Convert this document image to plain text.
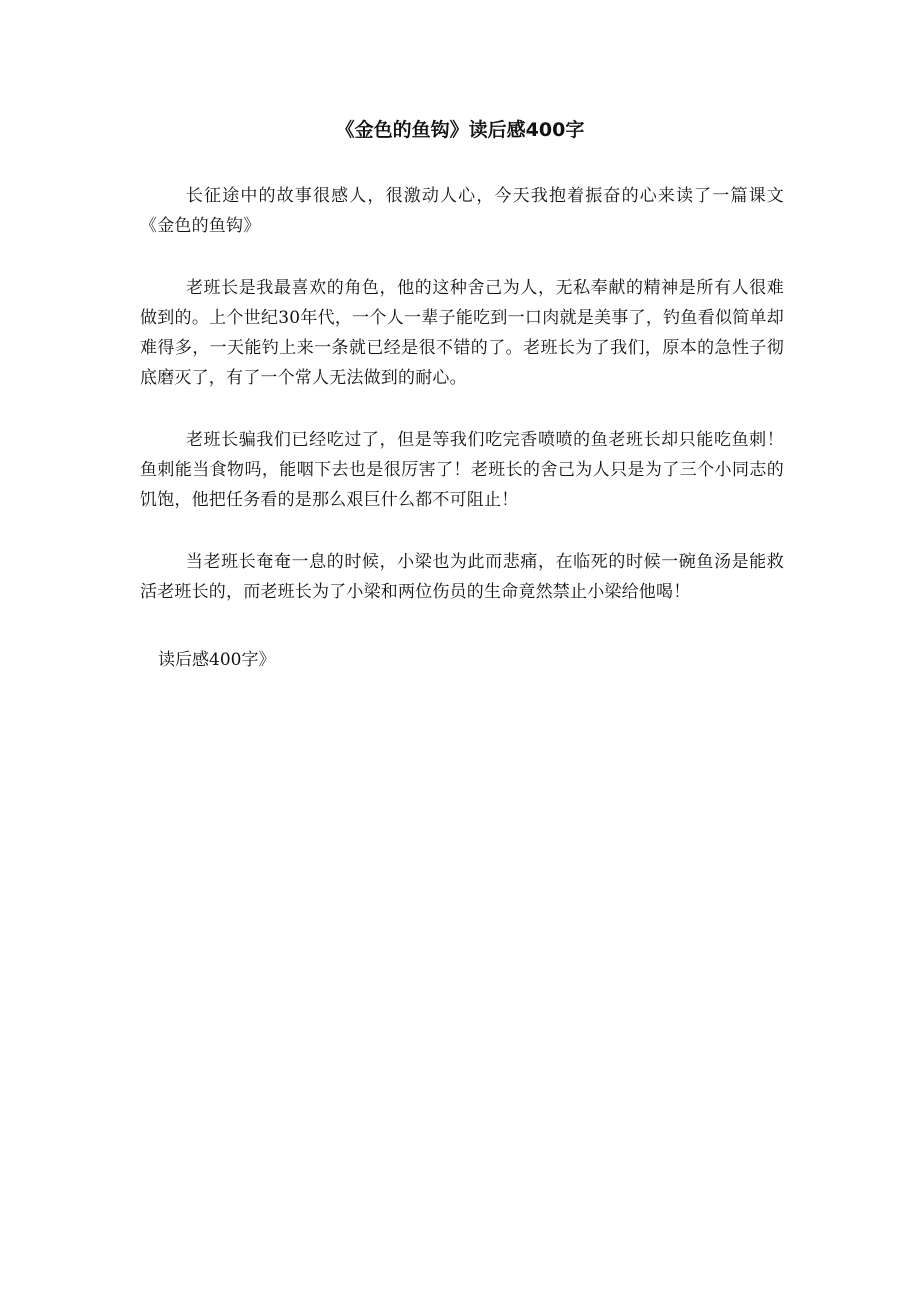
《金色的鱼钩》读后感400字

长征途中的故事很感人，很激动人心，今天我抱着振奋的心来读了一篇课文《金色的鱼钩》

老班长是我最喜欢的角色，他的这种舍己为人，无私奉献的精神是所有人很难做到的。上个世纪30年代，一个人一辈子能吃到一口肉就是美事了，钓鱼看似简单却难得多，一天能钓上来一条就已经是很不错的了。老班长为了我们，原本的急性子彻底磨灭了，有了一个常人无法做到的耐心。

老班长骗我们已经吃过了，但是等我们吃完香喷喷的鱼老班长却只能吃鱼刺！鱼刺能当食物吗，能咽下去也是很厉害了！老班长的舍己为人只是为了三个小同志的饥饱，他把任务看的是那么艰巨什么都不可阻止！

当老班长奄奄一息的时候，小梁也为此而悲痛，在临死的时候一碗鱼汤是能救活老班长的，而老班长为了小梁和两位伤员的生命竟然禁止小梁给他喝！

读后感400字》
